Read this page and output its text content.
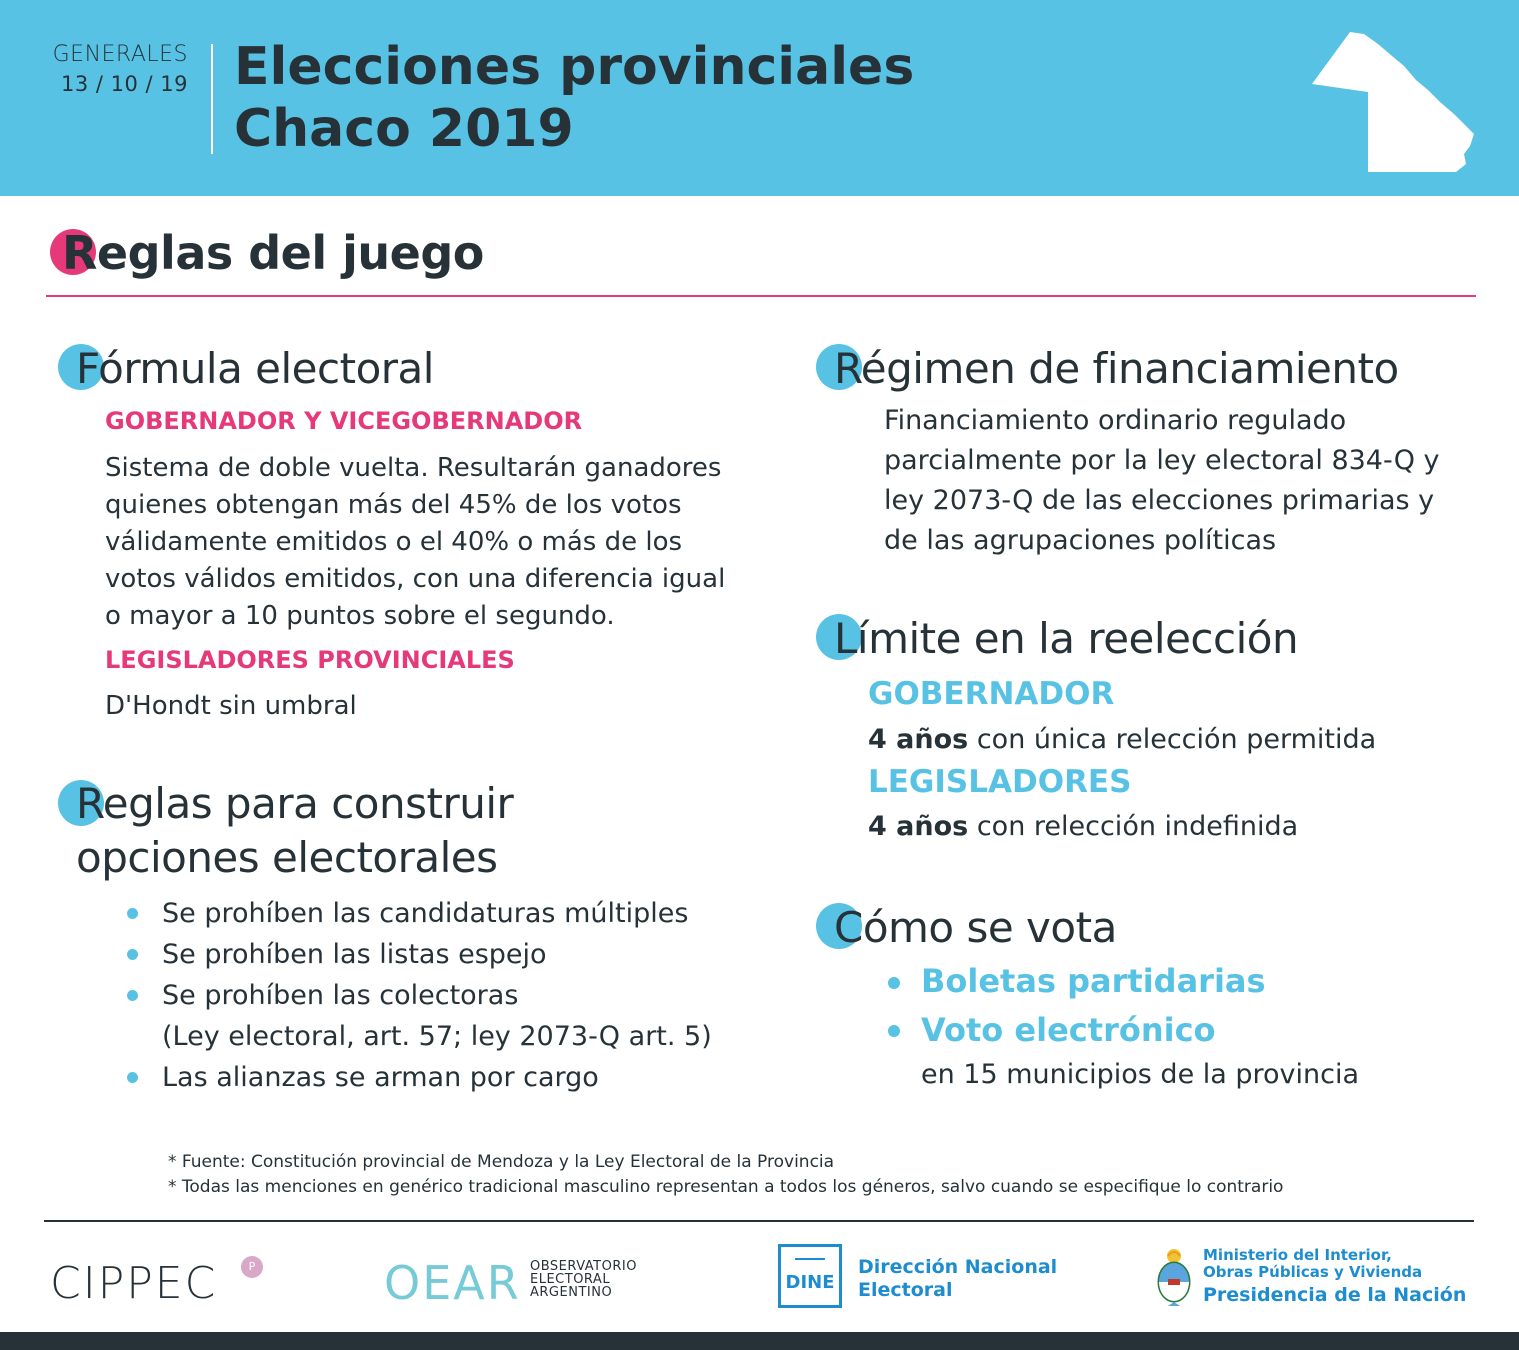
GENERALES
13 / 10 / 19 Elecciones provinciales
Chaco 2019
Reglas del juego
Fórmula electoral
GOBERNADOR Y VICEGOBERNADOR
Sistema de doble vuelta. Resultarán ganadores
quienes obtengan más del 45% de los votos
válidamente emitidos o el 40% o más de los
votos válidos emitidos, con una diferencia igual
o mayor a 10 puntos sobre el segundo.
LEGISLADORES PROVINCIALES
D'Hondt sin umbral
Reglas para construir
opciones electorales
Se prohíben las candidaturas múltiples
Se prohíben las listas espejo
Se prohíben las colectoras
(Ley electoral, art. 57; ley 2073-Q art. 5)
Las alianzas se arman por cargo
Régimen de financiamiento
Financiamiento ordinario regulado
parcialmente por la ley electoral 834-Q y
ley 2073-Q de las elecciones primarias y
de las agrupaciones políticas
Límite en la reelección
GOBERNADOR
4 años con única relección permitida
LEGISLADORES
4 años con relección indefinida
Cómo se vota
Boletas partidarias
Voto electrónico
en 15 municipios de la provincia
* Fuente: Constitución provincial de Mendoza y la Ley Electoral de la Provincia
* Todas las menciones en genérico tradicional masculino representan a todos los géneros, salvo cuando se especifique lo contrario
CIPPEC	P	OEAR OBSERVATORIO
ELECTORAL
ARGENTINO	DINE
Dirección Nacional
Electoral
Ministerio del Interior,
Obras Públicas y Vivienda
Presidencia de la Nación
